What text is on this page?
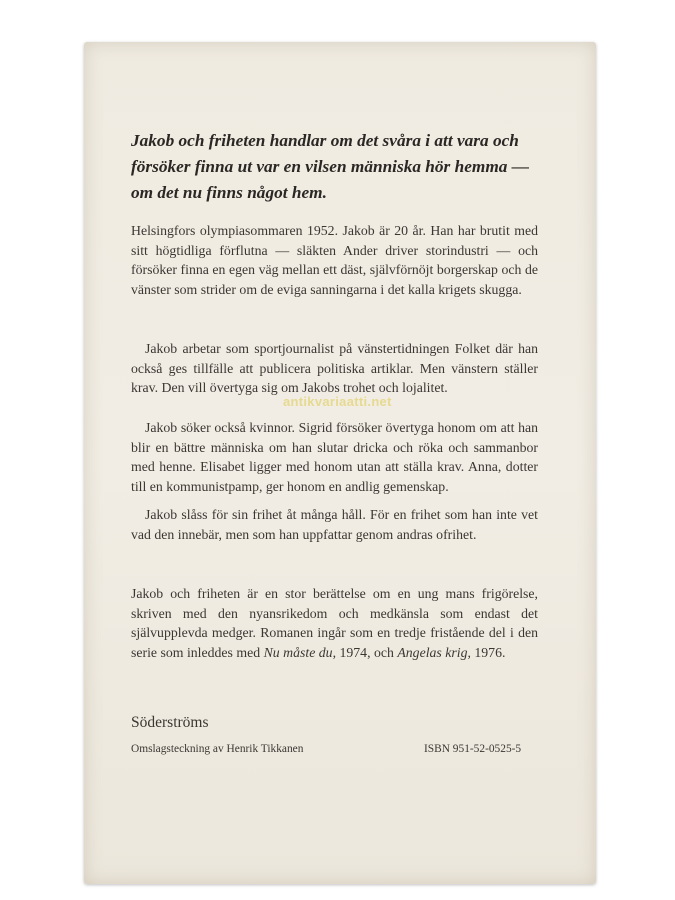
Jakob och friheten handlar om det svåra i att vara och försöker finna ut var en vilsen människa hör hemma — om det nu finns något hem.

Helsingfors olympiasommaren 1952. Jakob är 20 år. Han har brutit med sitt högtidliga förflutna — släkten Ander driver storindustri — och försöker finna en egen väg mellan ett däst, självförnöjt borgerskap och de vänster som strider om de eviga sanningarna i det kalla krigets skugga.

Jakob arbetar som sportjournalist på vänstertidningen Folket där han också ges tillfälle att publicera politiska artiklar. Men vänstern ställer krav. Den vill övertyga sig om Jakobs trohet och lojalitet.

Jakob söker också kvinnor. Sigrid försöker övertyga honom om att han blir en bättre människa om han slutar dricka och röka och sammanbor med henne. Elisabet ligger med honom utan att ställa krav. Anna, dotter till en kommunistpamp, ger honom en andlig gemenskap.

Jakob slåss för sin frihet åt många håll. För en frihet som han inte vet vad den innebär, men som han uppfattar genom andras ofrihet.

Jakob och friheten är en stor berättelse om en ung mans frigörelse, skriven med den nyansrikedom och medkänsla som endast det självupplevda medger. Romanen ingår som en tredje fristående del i den serie som inleddes med Nu måste du, 1974, och Angelas krig, 1976.

antikvariaatti.net

Söderströms

Omslagsteckning av Henrik Tikkanen	ISBN 951-52-0525-5
